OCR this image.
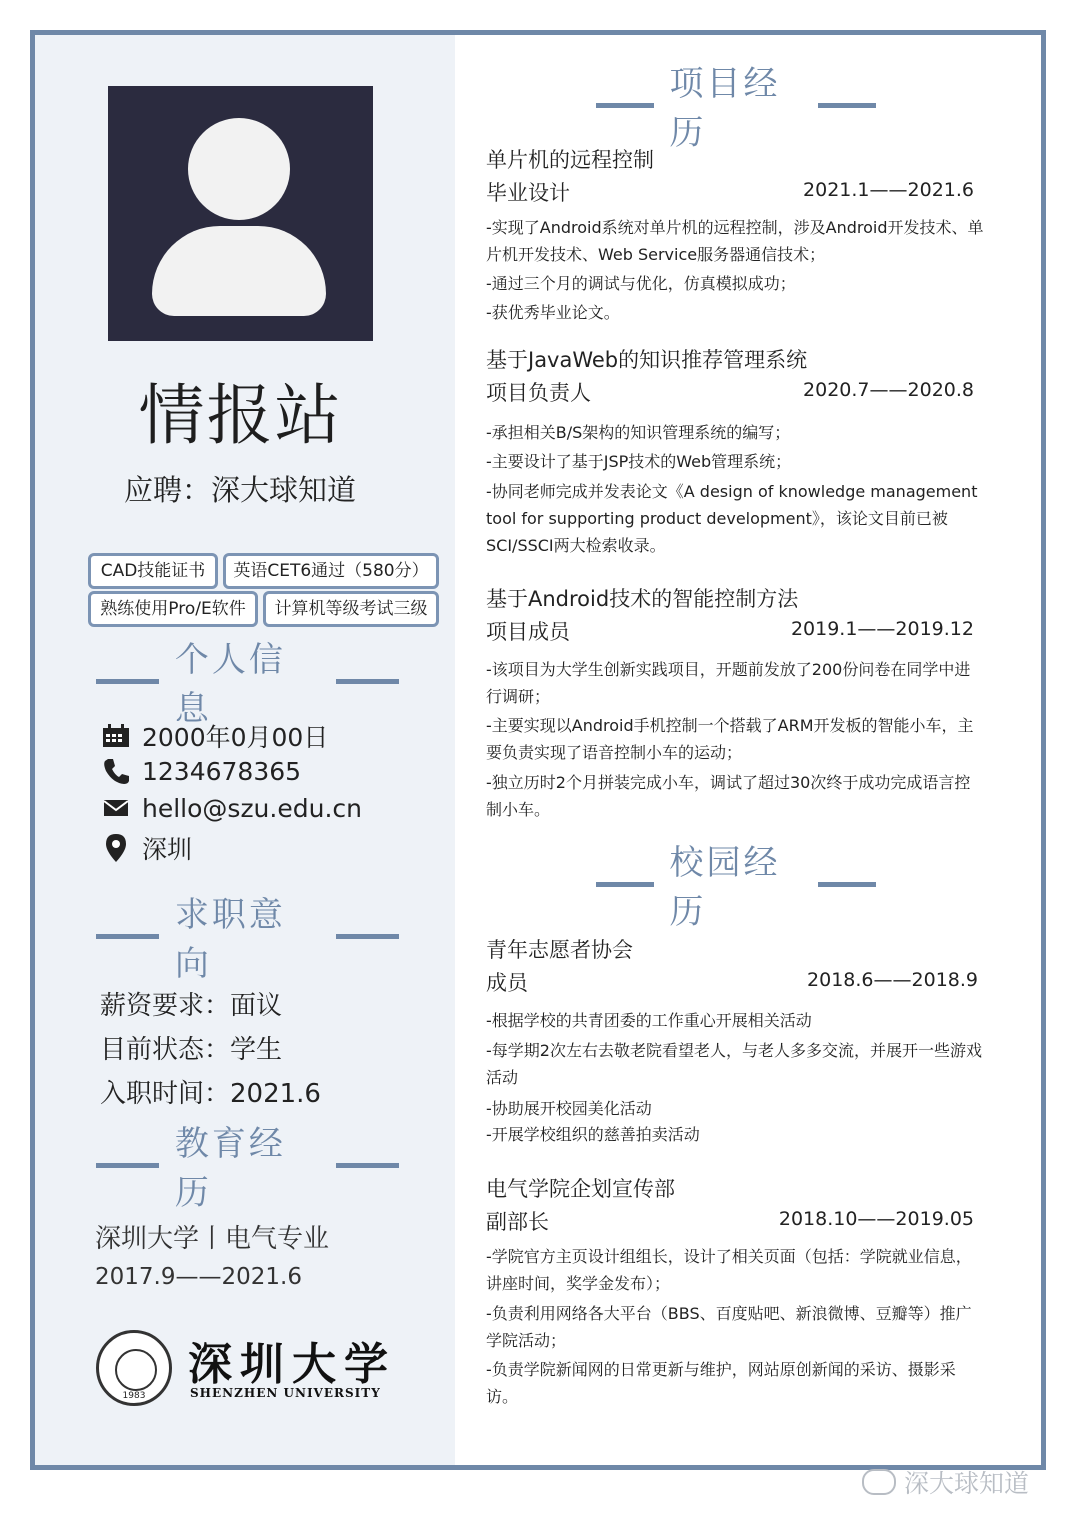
情报站
应聘：深大球知道
CAD技能证书	英语CET6通过（580分）
熟练使用Pro/E软件	计算机等级考试三级
个人信息
2000年0月00日
1234678365
hello@szu.edu.cn
深圳
求职意向
薪资要求：面议
目前状态：学生
入职时间：2021.6
教育经历
深圳大学丨电气专业
2017.9——2021.6
1983
深圳大学
SHENZHEN UNIVERSITY
项目经历
单片机的远程控制
毕业设计	2021.1——2021.6
-实现了Android系统对单片机的远程控制，涉及Android开发技术、单片机开发技术、Web Service服务器通信技术；
-通过三个月的调试与优化，仿真模拟成功；
-获优秀毕业论文。
基于JavaWeb的知识推荐管理系统
项目负责人	2020.7——2020.8
-承担相关B/S架构的知识管理系统的编写；
-主要设计了基于JSP技术的Web管理系统；
-协同老师完成并发表论文《A design of knowledge management tool for supporting product development》，该论文目前已被SCI/SSCI两大检索收录。
基于Android技术的智能控制方法
项目成员	2019.1——2019.12
-该项目为大学生创新实践项目，开题前发放了200份问卷在同学中进行调研；
-主要实现以Android手机控制一个搭载了ARM开发板的智能小车，主要负责实现了语音控制小车的运动；
-独立历时2个月拼装完成小车，调试了超过30次终于成功完成语言控制小车。
校园经历
青年志愿者协会
成员	2018.6——2018.9
-根据学校的共青团委的工作重心开展相关活动
-每学期2次左右去敬老院看望老人，与老人多多交流，并展开一些游戏活动
-协助展开校园美化活动
-开展学校组织的慈善拍卖活动
电气学院企划宣传部
副部长	2018.10——2019.05
-学院官方主页设计组组长，设计了相关页面（包括：学院就业信息，讲座时间，奖学金发布）；
-负责利用网络各大平台（BBS、百度贴吧、新浪微博、豆瓣等）推广学院活动；
-负责学院新闻网的日常更新与维护，网站原创新闻的采访、摄影采访。
深大球知道
